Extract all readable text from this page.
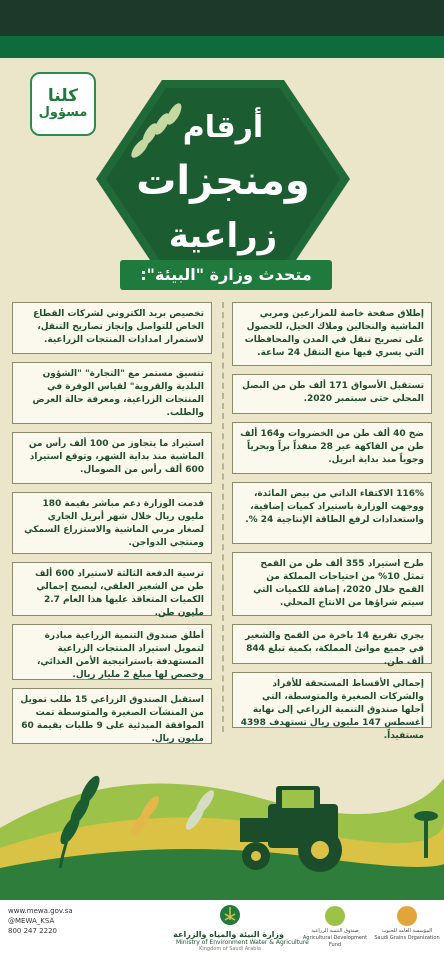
كلنا
مسؤول	أرقام
ومنجزات
زراعية
متحدث وزارة "البيئة":
إطلاق صفحة خاصة للمزارعين ومربي الماشية والنحالين وملاك الخيل، للحصول على تصريح تنقل في المدن والمحافظات التي يسري فيها منع التنقل 24 ساعة.
تستقبل الأسواق 171 ألف طن من البصل المحلي حتى سبتمبر 2020.
ضخ 40 ألف طن من الخضروات و164 ألف طن من الفاكهة عبر 28 منفذاً براً وبحرياً وجوياً منذ بداية ابريل.
116% الاكتفاء الذاتي من بيض المائدة، ووجهت الوزارة باستيراد كميات إضافية، واستعدادات لرفع الطاقة الإنتاجية 24 %.
طرح استيراد 355 ألف طن من القمح تمثل 10% من احتياجات المملكة من القمح خلال 2020، إضافة للكميات التي سيتم شراؤها من الانتاج المحلي.
يجري تفريغ 14 باخرة من القمح والشعير في جميع موانئ المملكة، بكمية تبلغ 844 ألف طن.
إجمالي الأقساط المستحقة للأفراد والشركات الصغيرة والمتوسطة، التي أجلها صندوق التنمية الزراعي إلى نهاية أغسطس 147 مليون ريال تستهدف 4398 مستفيداً.
تخصيص بريد الكتروني لشركات القطاع الخاص للتواصل وإنجاز تصاريح التنقل، لاستمرار امدادات المنتجات الزراعية.
تنسيق مستمر مع "التجارة" "الشؤون البلدية والقروية" لقياس الوفرة في المنتجات الزراعية، ومعرفة حالة العرض والطلب.
استيراد ما يتجاوز من 100 ألف رأس من الماشية منذ بداية الشهر، وتوقع استيراد 600 ألف رأس من الصومال.
قدمت الوزارة دعم مباشر بقيمة 180 مليون ريال خلال شهر أبريل الجاري لصغار مربي الماشية والاستزراع السمكي ومنتجي الدواجن.
ترسية الدفعة الثالثة لاستيراد 600 ألف طن من الشعير العلفي، ليصبح إجمالي الكميات المتعاقد عليها هذا العام 2.7 مليون طن.
أطلق صندوق التنمية الزراعية مبادرة لتمويل استيراد المنتجات الزراعية المستهدفة باستراتيجية الأمن الغذائي، وخصص لها مبلغ 2 مليار ريال.
استقبل الصندوق الزراعي 15 طلب تمويل من المنشآت الصغيرة والمتوسطة تمت الموافقة المبدئية على 9 طلبات بقيمة 60 مليون ريال.
www.mewa.gov.sa
@MEWA_KSA
800 247 2220	وزارة البيئة والمياه والزراعة
Ministry of Environment Water & Agriculture
Kingdom of Saudi Arabia
صندوق التنمية الزراعية
Agricultural Development Fund
المؤسسة العامة للحبوب
Saudi Grains Organization
